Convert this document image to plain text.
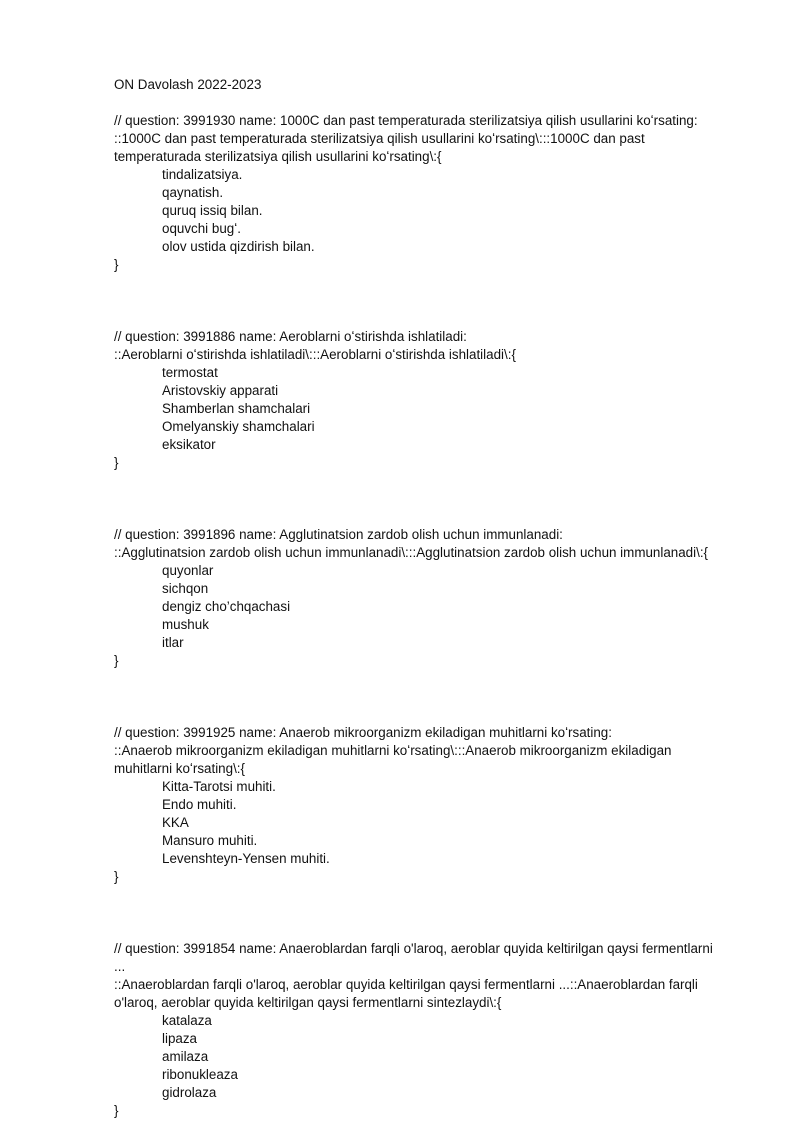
ON Davolash 2022-2023

// question: 3991930 name: 1000C dan past temperaturada sterilizatsiya qilish usullarini koʻrsating:

::1000C dan past temperaturada sterilizatsiya qilish usullarini koʻrsating\:::1000C dan past temperaturada sterilizatsiya qilish usullarini koʻrsating\:{

tindalizatsiya.
qaynatish.
quruq issiq bilan.
oquvchi bugʻ.
olov ustida qizdirish bilan.

}

// question: 3991886 name: Aeroblarni oʻstirishda ishlatiladi:

::Aeroblarni oʻstirishda ishlatiladi\:::Aeroblarni oʻstirishda ishlatiladi\:{

termostat
Aristovskiy apparati
Shamberlan shamchalari
Omelyanskiy shamchalari
eksikator

}

// question: 3991896 name: Agglutinatsion zardob olish uchun immunlanadi:

::Agglutinatsion zardob olish uchun immunlanadi\:::Agglutinatsion zardob olish uchun immunlanadi\:{

quyonlar
sichqon
dengiz cho’chqachasi
mushuk
itlar

}

// question: 3991925 name: Anaerob mikroorganizm ekiladigan muhitlarni koʻrsating:

::Anaerob mikroorganizm ekiladigan muhitlarni koʻrsating\:::Anaerob mikroorganizm ekiladigan muhitlarni koʻrsating\:{

Kitta-Tarotsi muhiti.
Endo muhiti.
KKA
Mansuro muhiti.
Levenshteyn-Yensen muhiti.

}

// question: 3991854 name: Anaeroblardan farqli o'laroq, aeroblar quyida keltirilgan qaysi fermentlarni ...

::Anaeroblardan farqli o'laroq, aeroblar quyida keltirilgan qaysi fermentlarni ...::Anaeroblardan farqli o'laroq, aeroblar quyida keltirilgan qaysi fermentlarni sintezlaydi\:{

katalaza
lipaza
amilaza
ribonukleaza
gidrolaza

}
